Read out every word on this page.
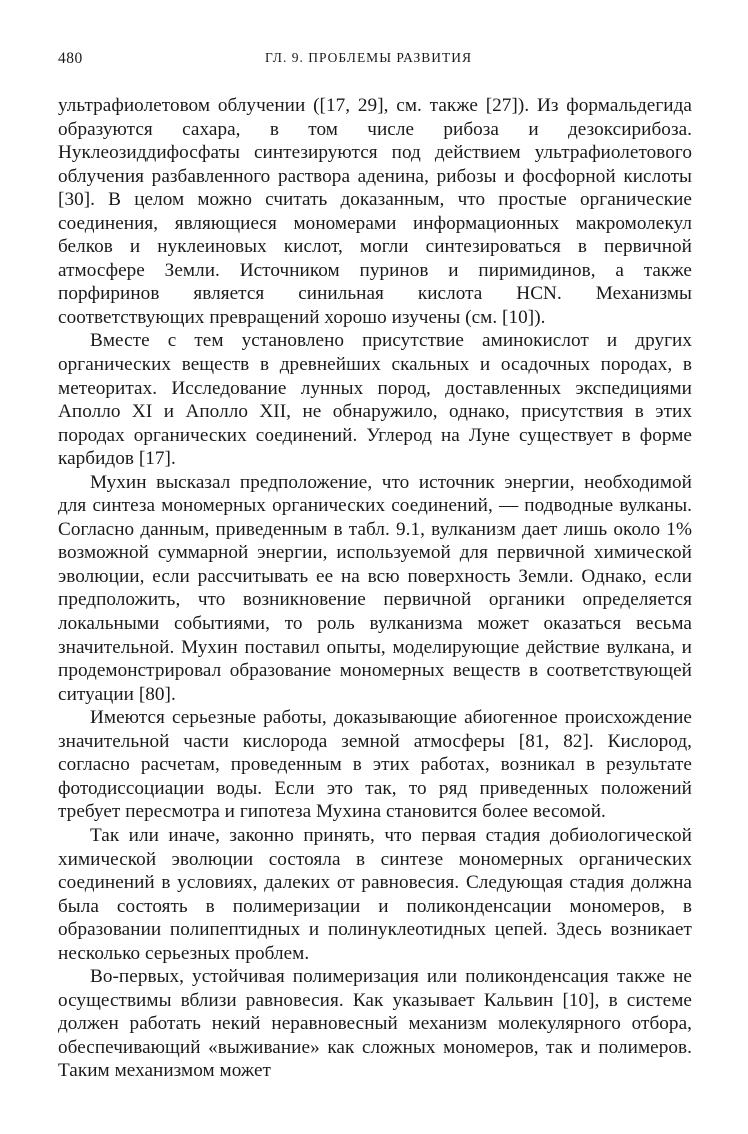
480	ГЛ. 9. ПРОБЛЕМЫ РАЗВИТИЯ

ультрафиолетовом облучении ([17, 29], см. также [27]). Из формальдегида образуются сахара, в том числе рибоза и дезоксирибоза. Нуклеозиддифосфаты синтезируются под действием ультрафиолетового облучения разбавленного раствора аденина, рибозы и фосфорной кислоты [30]. В целом можно считать доказанным, что простые органические соединения, являющиеся мономерами информационных макромолекул белков и нуклеиновых кислот, могли синтезироваться в первичной атмосфере Земли. Источником пуринов и пиримидинов, а также порфиринов является синильная кислота HCN. Механизмы соответствующих превращений хорошо изучены (см. [10]).

Вместе с тем установлено присутствие аминокислот и других органических веществ в древнейших скальных и осадочных породах, в метеоритах. Исследование лунных пород, доставленных экспедициями Аполло XI и Аполло XII, не обнаружило, однако, присутствия в этих породах органических соединений. Углерод на Луне существует в форме карбидов [17].

Мухин высказал предположение, что источник энергии, необходимой для синтеза мономерных органических соединений, — подводные вулканы. Согласно данным, приведенным в табл. 9.1, вулканизм дает лишь около 1% возможной суммарной энергии, используемой для первичной химической эволюции, если рассчитывать ее на всю поверхность Земли. Однако, если предположить, что возникновение первичной органики определяется локальными событиями, то роль вулканизма может оказаться весьма значительной. Мухин поставил опыты, моделирующие действие вулкана, и продемонстрировал образование мономерных веществ в соответствующей ситуации [80].

Имеются серьезные работы, доказывающие абиогенное происхождение значительной части кислорода земной атмосферы [81, 82]. Кислород, согласно расчетам, проведенным в этих работах, возникал в результате фотодиссоциации воды. Если это так, то ряд приведенных положений требует пересмотра и гипотеза Мухина становится более весомой.

Так или иначе, законно принять, что первая стадия добиологической химической эволюции состояла в синтезе мономерных органических соединений в условиях, далеких от равновесия. Следующая стадия должна была состоять в полимеризации и поликонденсации мономеров, в образовании полипептидных и полинуклеотидных цепей. Здесь возникает несколько серьезных проблем.

Во-первых, устойчивая полимеризация или поликонденсация также не осуществимы вблизи равновесия. Как указывает Кальвин [10], в системе должен работать некий неравновесный механизм молекулярного отбора, обеспечивающий «выживание» как сложных мономеров, так и полимеров. Таким механизмом может
